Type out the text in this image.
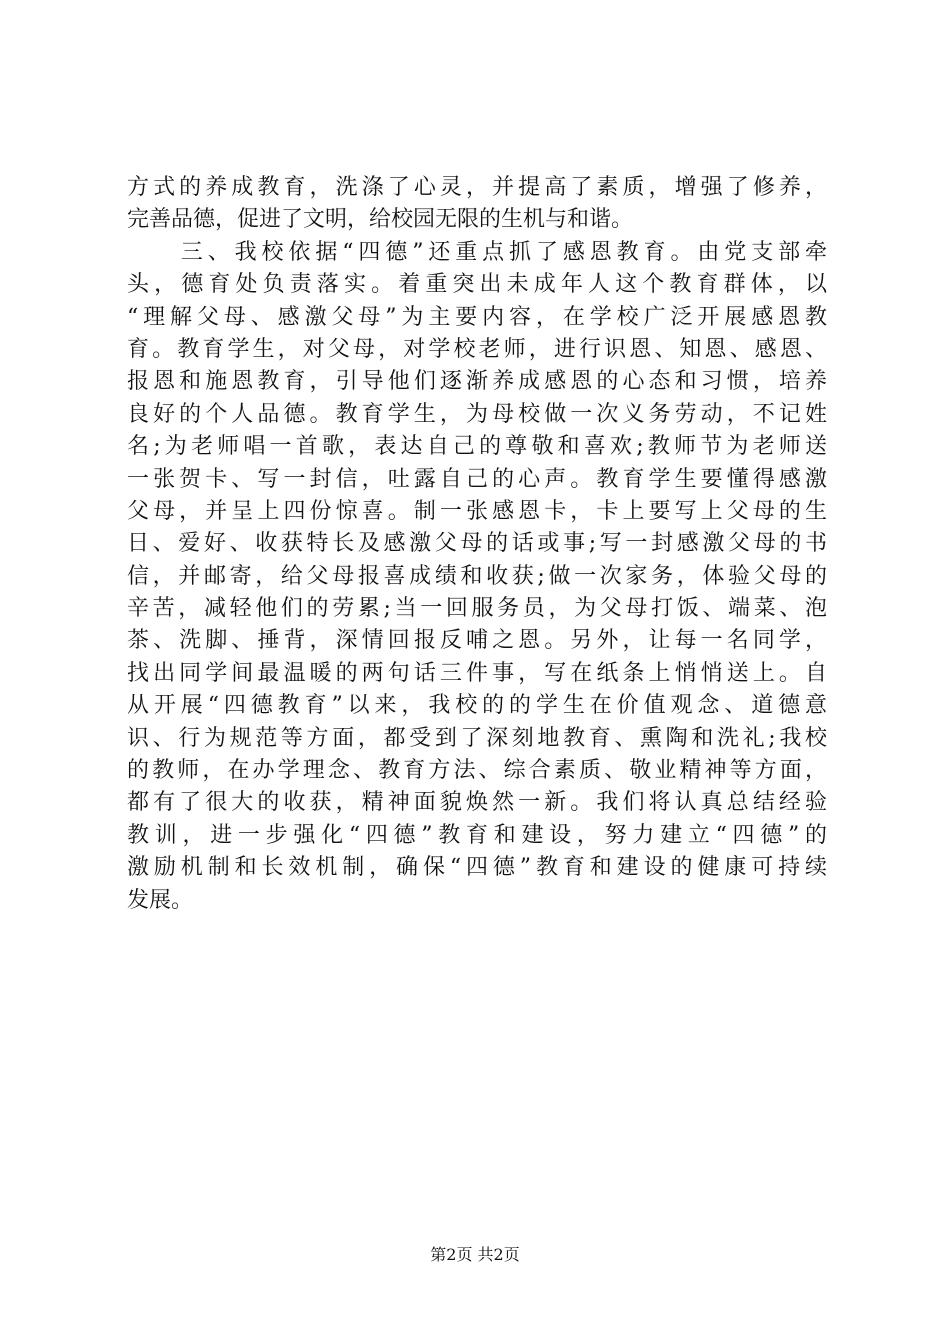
方式的养成教育，洗涤了心灵，并提高了素质，增强了修养，
完善品德，促进了文明，给校园无限的生机与和谐。
　　三、我校依据“四德”还重点抓了感恩教育。由党支部牵
头，德育处负责落实。着重突出未成年人这个教育群体，以
“理解父母、感激父母”为主要内容，在学校广泛开展感恩教
育。教育学生，对父母，对学校老师，进行识恩、知恩、感恩、
报恩和施恩教育，引导他们逐渐养成感恩的心态和习惯，培养
良好的个人品德。教育学生，为母校做一次义务劳动，不记姓
名;为老师唱一首歌，表达自己的尊敬和喜欢;教师节为老师送
一张贺卡、写一封信，吐露自己的心声。教育学生要懂得感激
父母，并呈上四份惊喜。制一张感恩卡，卡上要写上父母的生
日、爱好、收获特长及感激父母的话或事;写一封感激父母的书
信，并邮寄，给父母报喜成绩和收获;做一次家务，体验父母的
辛苦，减轻他们的劳累;当一回服务员，为父母打饭、端菜、泡
茶、洗脚、捶背，深情回报反哺之恩。另外，让每一名同学，
找出同学间最温暖的两句话三件事，写在纸条上悄悄送上。自
从开展“四德教育”以来，我校的的学生在价值观念、道德意
识、行为规范等方面，都受到了深刻地教育、熏陶和洗礼;我校
的教师，在办学理念、教育方法、综合素质、敬业精神等方面，
都有了很大的收获，精神面貌焕然一新。我们将认真总结经验
教训，进一步强化“四德”教育和建设，努力建立“四德”的
激励机制和长效机制，确保“四德”教育和建设的健康可持续
发展。
第2页 共2页
